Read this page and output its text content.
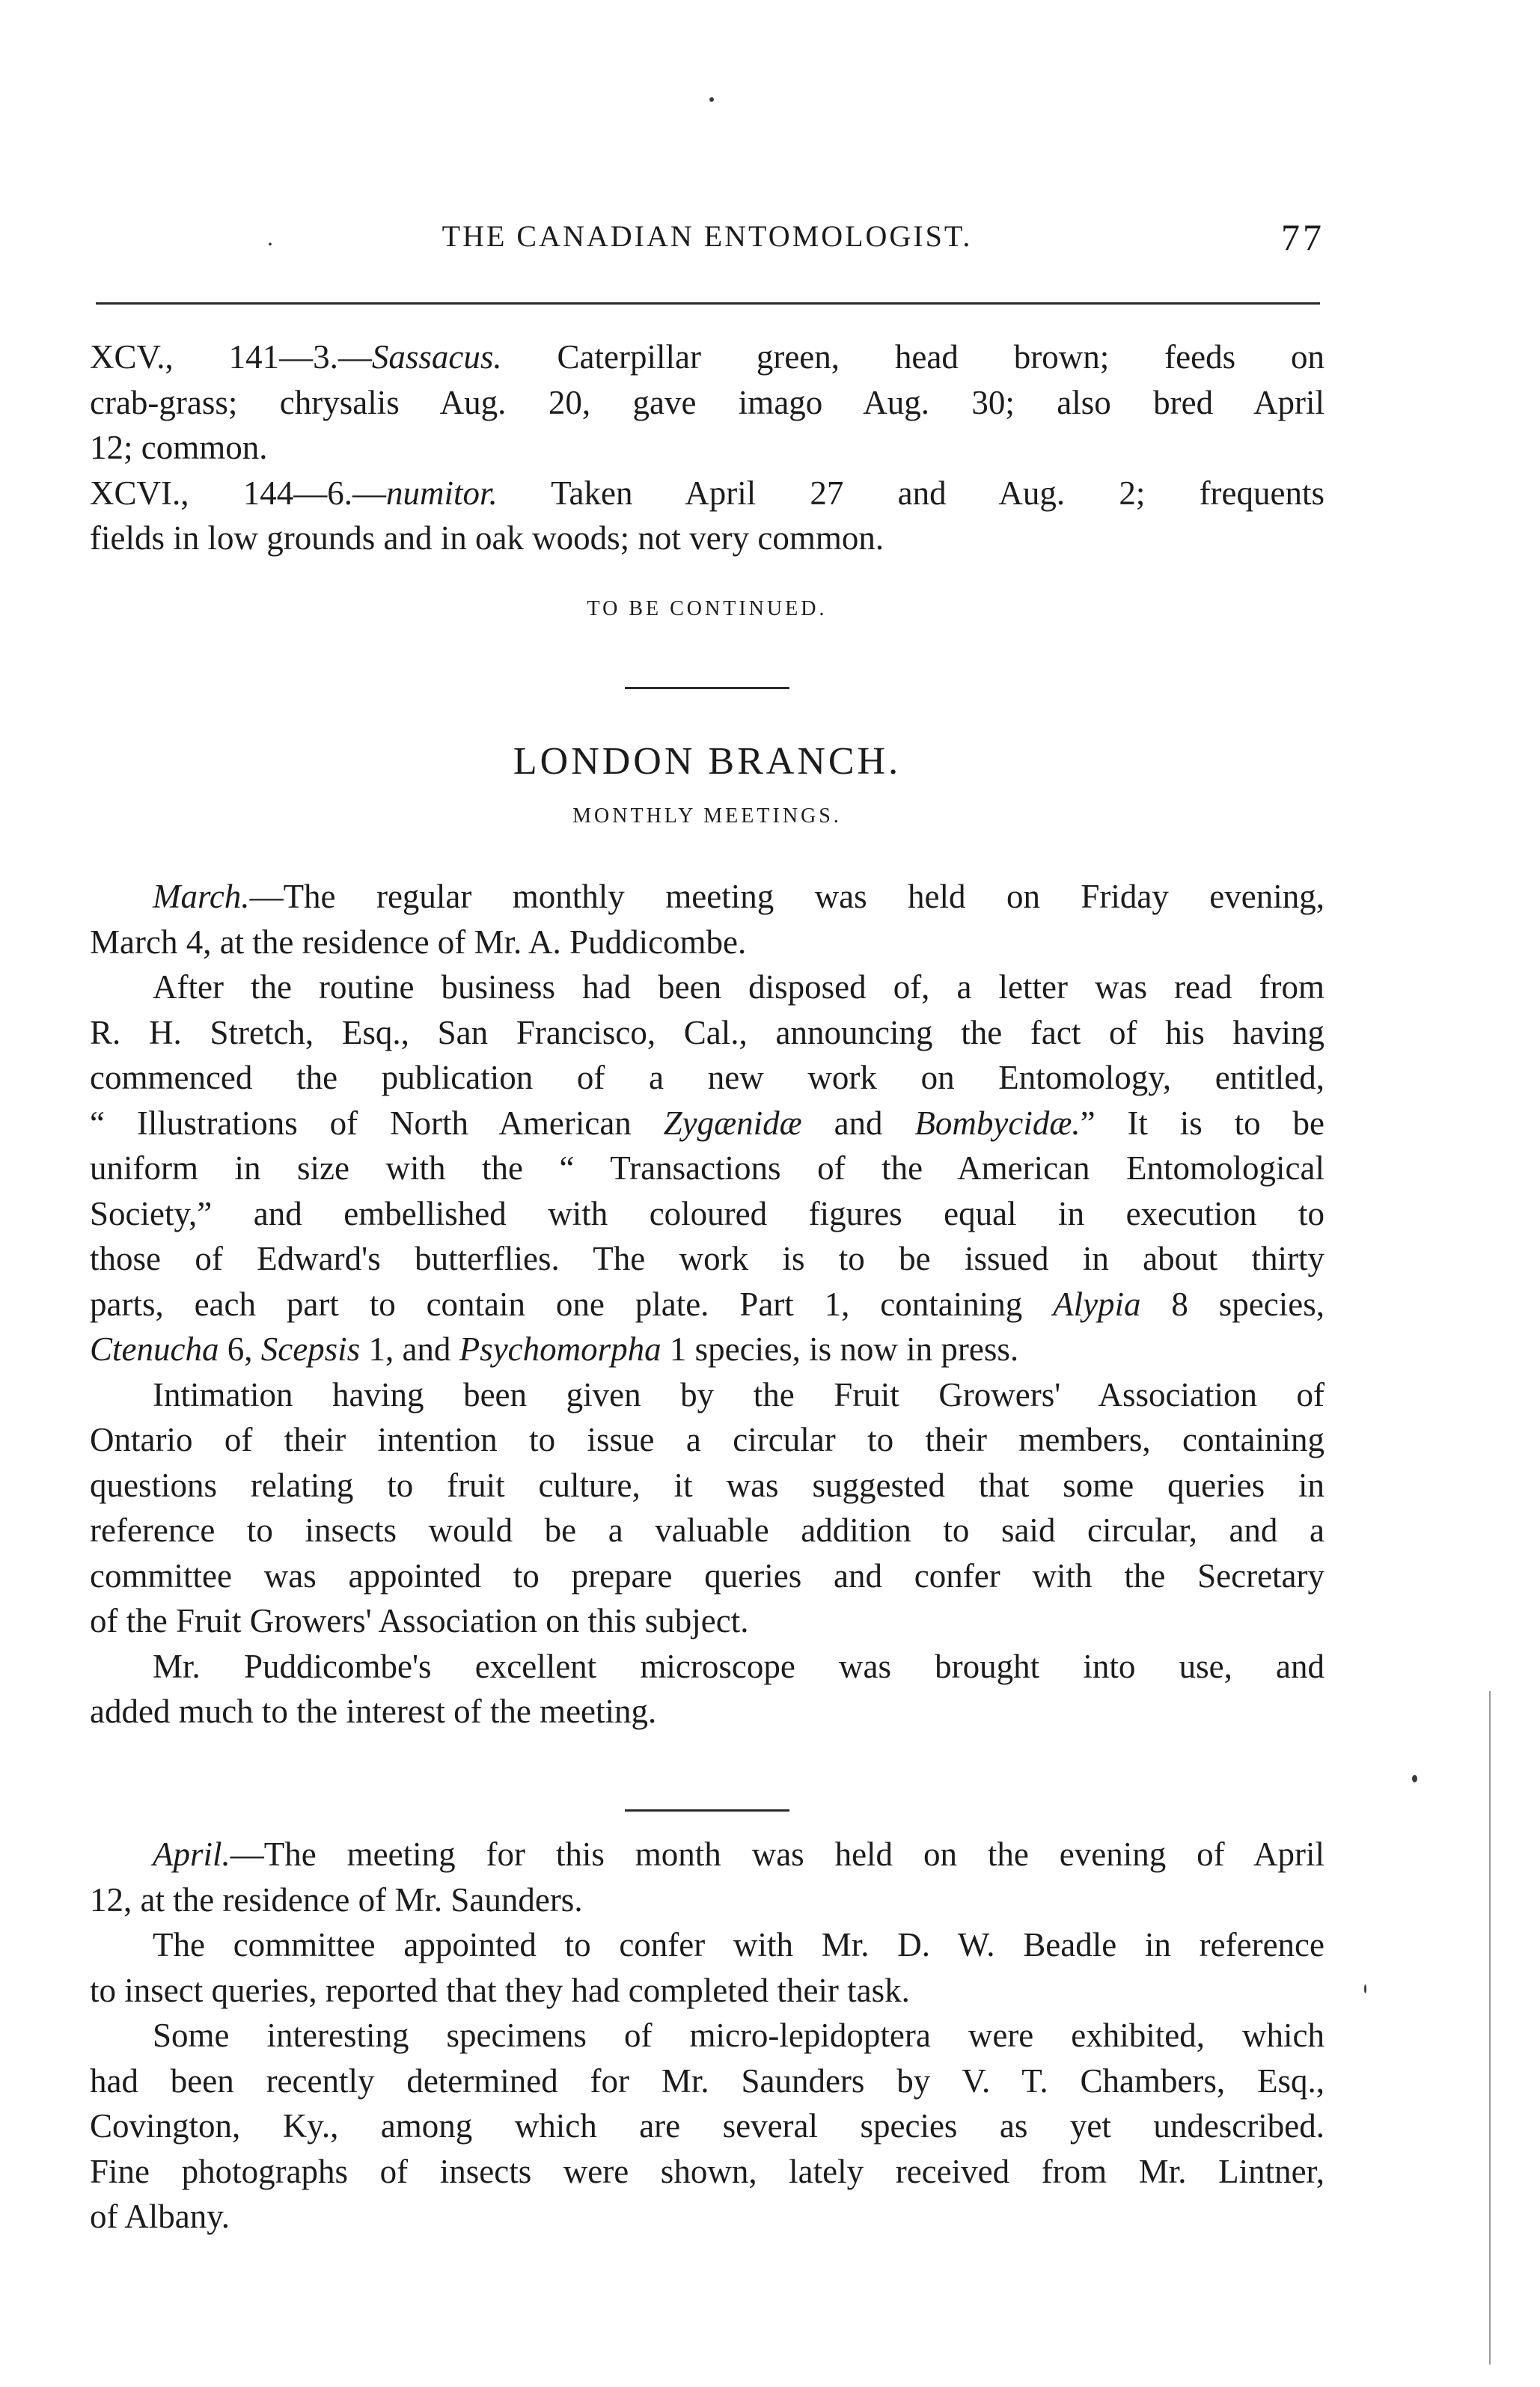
·	THE CANADIAN ENTOMOLOGIST.	77

XCV., 141—3.—Sassacus. Caterpillar green, head brown; feeds on
crab-grass; chrysalis Aug. 20, gave imago Aug. 30; also bred April
12; common.

XCVI., 144—6.—numitor. Taken April 27 and Aug. 2; frequents
fields in low grounds and in oak woods; not very common.

TO BE CONTINUED.
LONDON BRANCH.
MONTHLY MEETINGS.

March.—The regular monthly meeting was held on Friday evening,
March 4, at the residence of Mr. A. Puddicombe.

After the routine business had been disposed of, a letter was read from
R. H. Stretch, Esq., San Francisco, Cal., announcing the fact of his having
commenced the publication of a new work on Entomology, entitled,
“ Illustrations of North American Zygænidæ and Bombycidæ.” It is to be
uniform in size with the “ Transactions of the American Entomological
Society,” and embellished with coloured figures equal in execution to
those of Edward's butterflies. The work is to be issued in about thirty
parts, each part to contain one plate. Part 1, containing Alypia 8 species,
Ctenucha 6, Scepsis 1, and Psychomorpha 1 species, is now in press.

Intimation having been given by the Fruit Growers' Association of
Ontario of their intention to issue a circular to their members, containing
questions relating to fruit culture, it was suggested that some queries in
reference to insects would be a valuable addition to said circular, and a
committee was appointed to prepare queries and confer with the Secretary
of the Fruit Growers' Association on this subject.

Mr. Puddicombe's excellent microscope was brought into use, and
added much to the interest of the meeting.

April.—The meeting for this month was held on the evening of April
12, at the residence of Mr. Saunders.

The committee appointed to confer with Mr. D. W. Beadle in reference
to insect queries, reported that they had completed their task.

Some interesting specimens of micro-lepidoptera were exhibited, which
had been recently determined for Mr. Saunders by V. T. Chambers, Esq.,
Covington, Ky., among which are several species as yet undescribed.
Fine photographs of insects were shown, lately received from Mr. Lintner,
of Albany.
